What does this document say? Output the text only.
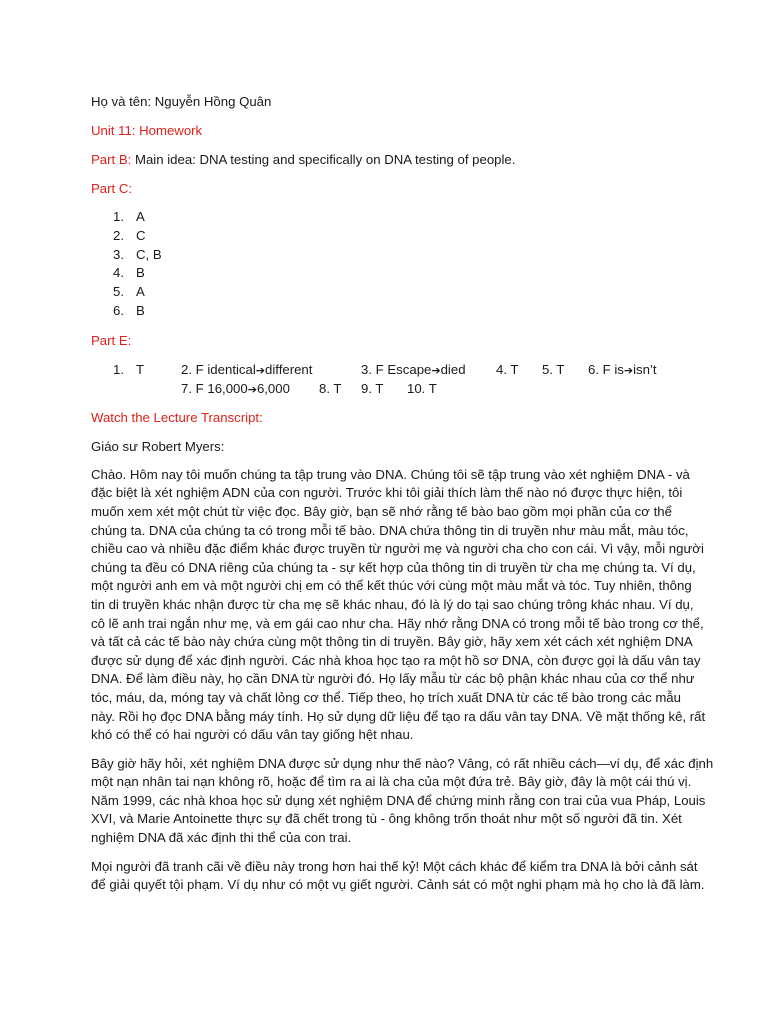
Họ và tên: Nguyễn Hồng Quân

Unit 11: Homework

Part B: Main idea: DNA testing and specifically on DNA testing of people.

Part C:

1. A
2. C
3. C, B
4. B
5. A
6. B

Part E:

1. T	2. F identical➔different	3. F Escape➔died 4. T 5. T 6. F is➔isn’t
7. F 16,000➔6,000 8. T 9. T 10. T

Watch the Lecture Transcript:

Giáo sư Robert Myers:

Chào. Hôm nay tôi muốn chúng ta tập trung vào DNA. Chúng tôi sẽ tập trung vào xét nghiệm DNA - và
đặc biệt là xét nghiệm ADN của con người. Trước khi tôi giải thích làm thế nào nó được thực hiện, tôi
muốn xem xét một chút từ việc đọc. Bây giờ, bạn sẽ nhớ rằng tế bào bao gồm mọi phần của cơ thể
chúng ta. DNA của chúng ta có trong mỗi tế bào. DNA chứa thông tin di truyền như màu mắt, màu tóc,
chiều cao và nhiều đặc điểm khác được truyền từ người mẹ và người cha cho con cái. Vì vậy, mỗi người
chúng ta đều có DNA riêng của chúng ta - sự kết hợp của thông tin di truyền từ cha mẹ chúng ta. Ví dụ,
một người anh em và một người chị em có thể kết thúc với cùng một màu mắt và tóc. Tuy nhiên, thông
tin di truyền khác nhận được từ cha mẹ sẽ khác nhau, đó là lý do tại sao chúng trông khác nhau. Ví dụ,
cô lẽ anh trai ngắn như mẹ, và em gái cao như cha. Hãy nhớ rằng DNA có trong mỗi tế bào trong cơ thể,
và tất cả các tế bào này chứa cùng một thông tin di truyền. Bây giờ, hãy xem xét cách xét nghiệm DNA
được sử dụng để xác định người. Các nhà khoa học tạo ra một hồ sơ DNA, còn được gọi là dấu vân tay
DNA. Để làm điều này, họ cần DNA từ người đó. Họ lấy mẫu từ các bộ phận khác nhau của cơ thể như
tóc, máu, da, móng tay và chất lỏng cơ thể. Tiếp theo, họ trích xuất DNA từ các tế bào trong các mẫu
này. Rồi họ đọc DNA bằng máy tính. Họ sử dụng dữ liệu để tạo ra dấu vân tay DNA. Về mặt thống kê, rất
khó có thể có hai người có dấu vân tay giống hệt nhau.
Bây giờ hãy hỏi, xét nghiệm DNA được sử dụng như thế nào? Vâng, có rất nhiều cách—ví dụ, để xác định
một nạn nhân tai nạn không rõ, hoặc để tìm ra ai là cha của một đứa trẻ. Bây giờ, đây là một cái thú vị.
Năm 1999, các nhà khoa học sử dụng xét nghiệm DNA để chứng minh rằng con trai của vua Pháp, Louis
XVI, và Marie Antoinette thực sự đã chết trong tù - ông không trốn thoát như một số người đã tin. Xét
nghiệm DNA đã xác định thi thể của con trai.
Mọi người đã tranh cãi về điều này trong hơn hai thế kỷ! Một cách khác để kiểm tra DNA là bởi cảnh sát
để giải quyết tội phạm. Ví dụ như có một vụ giết người. Cảnh sát có một nghi phạm mà họ cho là đã làm.
